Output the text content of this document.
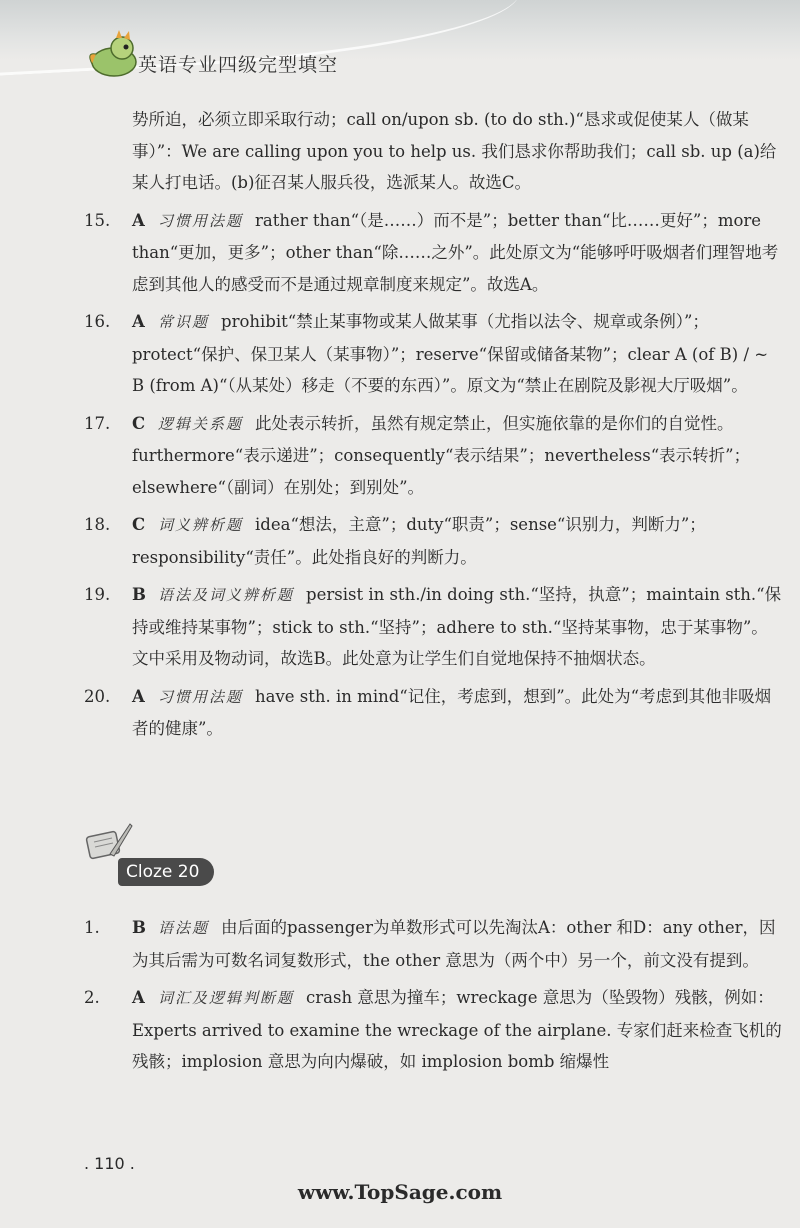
英语专业四级完型填空
势所迫，必须立即采取行动；call on/upon sb. (to do sth.)“恳求或促使某人（做某事）”：We are calling upon you to help us. 我们恳求你帮助我们；call sb. up (a)给某人打电话。(b)征召某人服兵役，选派某人。故选C。
15.	A 习惯用法题 rather than“（是……）而不是”；better than“比……更好”；more than“更加，更多”；other than“除……之外”。此处原文为“能够呼吁吸烟者们理智地考虑到其他人的感受而不是通过规章制度来规定”。故选A。
16.	A 常识题 prohibit“禁止某事物或某人做某事（尤指以法令、规章或条例）”；protect“保护、保卫某人（某事物）”；reserve“保留或储备某物”；clear A (of B) / ~ B (from A)“（从某处）移走（不要的东西）”。原文为“禁止在剧院及影视大厅吸烟”。
17.	C 逻辑关系题 此处表示转折，虽然有规定禁止，但实施依靠的是你们的自觉性。furthermore“表示递进”；consequently“表示结果”；nevertheless“表示转折”；elsewhere“（副词）在别处；到别处”。
18.	C 词义辨析题 idea“想法，主意”；duty“职责”；sense“识别力，判断力”；responsibility“责任”。此处指良好的判断力。
19.	B 语法及词义辨析题 persist in sth./in doing sth.“坚持，执意”；maintain sth.“保持或维持某事物”；stick to sth.“坚持”；adhere to sth.“坚持某事物，忠于某事物”。文中采用及物动词，故选B。此处意为让学生们自觉地保持不抽烟状态。
20.	A 习惯用法题 have sth. in mind“记住，考虑到，想到”。此处为“考虑到其他非吸烟者的健康”。
Cloze 20
1.	B 语法题 由后面的passenger为单数形式可以先淘汰A：other 和D：any other，因为其后需为可数名词复数形式，the other 意思为（两个中）另一个，前文没有提到。
2.	A 词汇及逻辑判断题 crash 意思为撞车；wreckage 意思为（坠毁物）残骸，例如：Experts arrived to examine the wreckage of the airplane. 专家们赶来检查飞机的残骸；implosion 意思为向内爆破，如 implosion bomb 缩爆性
. 110 .
www.TopSage.com
